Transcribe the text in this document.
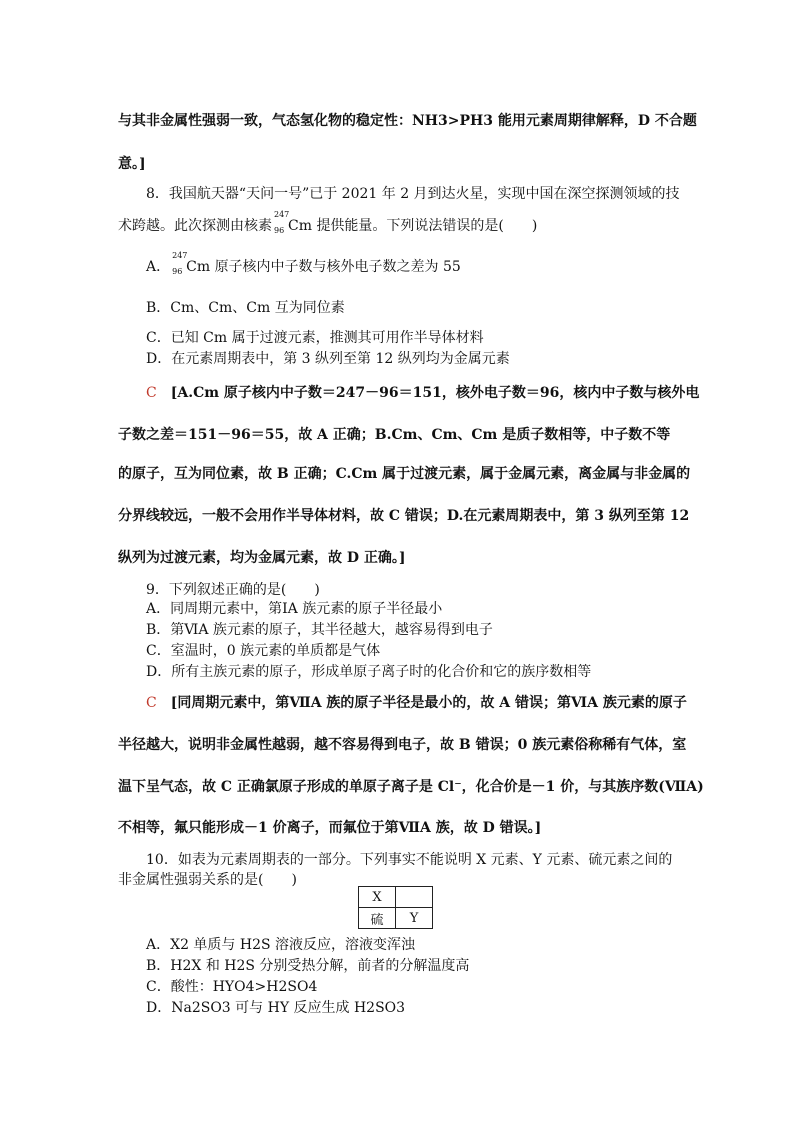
与其非金属性强弱一致，气态氢化物的稳定性：NH3>PH3 能用元素周期律解释，D 不合题
意。]
8．我国航天器“天问一号”已于 2021 年 2 月到达火星，实现中国在深空探测领域的技
术跨越。此次探测由核素
247
96 Cm 提供能量。下列说法错误的是(　　)
A．
247
96 Cm 原子核内中子数与核外电子数之差为 55
B．Cm、Cm、Cm 互为同位素
C．已知 Cm 属于过渡元素，推测其可用作半导体材料
D．在元素周期表中，第 3 纵列至第 12 纵列均为金属元素
C　 [A.Cm 原子核内中子数＝247－96＝151，核外电子数＝96，核内中子数与核外电
子数之差＝151－96＝55，故 A 正确；B.Cm、Cm、Cm 是质子数相等，中子数不等
的原子，互为同位素，故 B 正确；C.Cm 属于过渡元素，属于金属元素，离金属与非金属的
分界线较远，一般不会用作半导体材料，故 C 错误；D.在元素周期表中，第 3 纵列至第 12
纵列为过渡元素，均为金属元素，故 D 正确。]
9．下列叙述正确的是(　　)
A．同周期元素中，第ⅠA 族元素的原子半径最小
B．第ⅥA 族元素的原子，其半径越大，越容易得到电子
C．室温时，0 族元素的单质都是气体
D．所有主族元素的原子，形成单原子离子时的化合价和它的族序数相等
C　 [同周期元素中，第ⅦA 族的原子半径是最小的，故 A 错误；第ⅥA 族元素的原子
半径越大，说明非金属性越弱，越不容易得到电子，故 B 错误；0 族元素俗称稀有气体，室
温下呈气态，故 C 正确氯原子形成的单原子离子是 Cl⁻，化合价是－1 价，与其族序数(ⅦA)
不相等，氟只能形成－1 价离子，而氟位于第ⅦA 族，故 D 错误。]
10．如表为元素周期表的一部分。下列事实不能说明 X 元素、Y 元素、硫元素之间的
非金属性强弱关系的是(　　)
X	
硫	Y
A．X2 单质与 H2S 溶液反应，溶液变浑浊
B．H2X 和 H2S 分别受热分解，前者的分解温度高
C．酸性：HYO4>H2SO4
D．Na2SO3 可与 HY 反应生成 H2SO3
